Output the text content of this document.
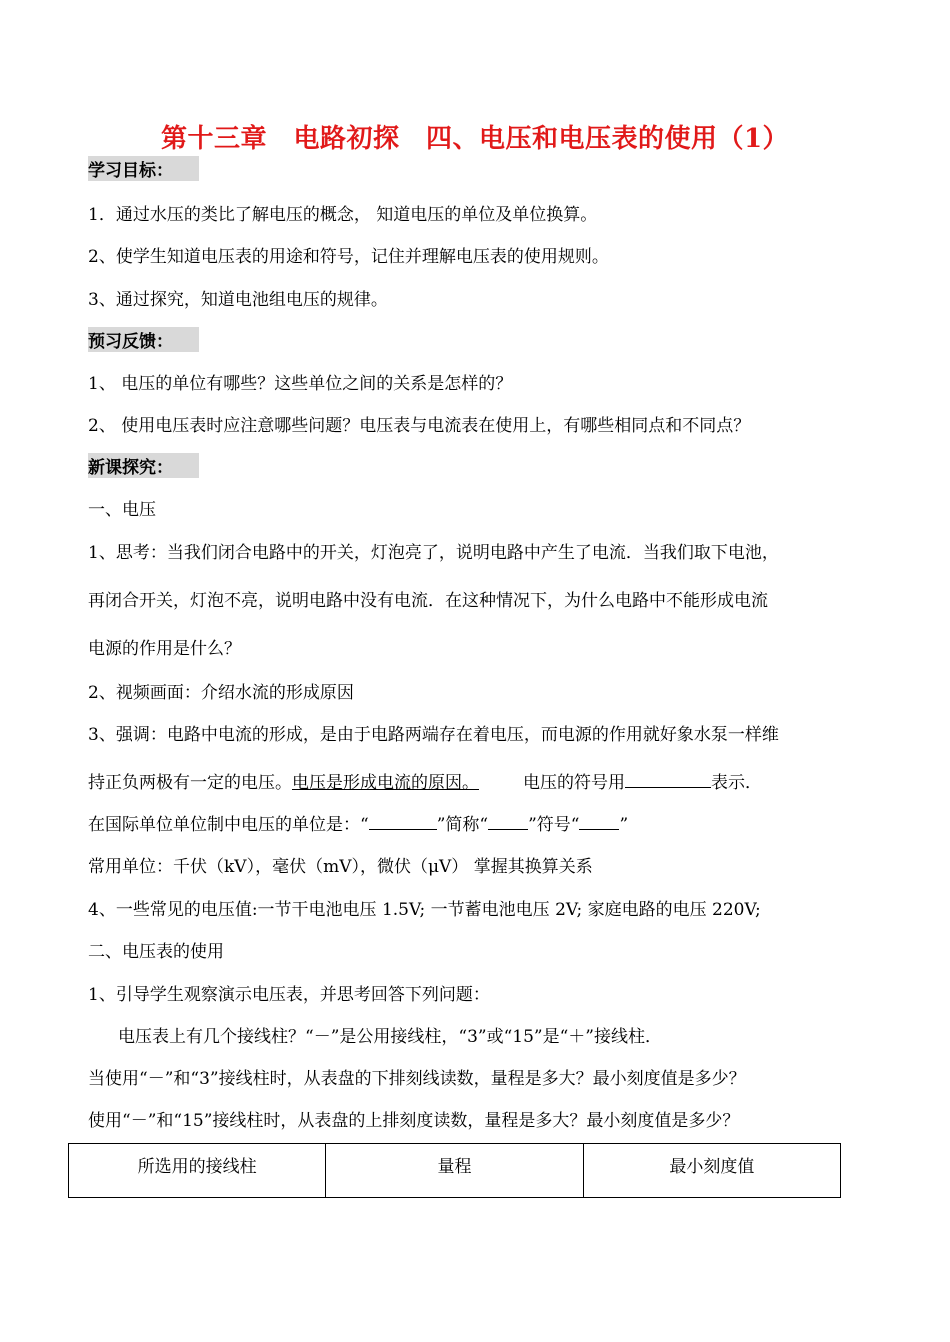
第十三章　电路初探　四、电压和电压表的使用（1）
学习目标：
1．通过水压的类比了解电压的概念， 知道电压的单位及单位换算。
2、使学生知道电压表的用途和符号，记住并理解电压表的使用规则。
3、通过探究，知道电池组电压的规律。
预习反馈：
1、 电压的单位有哪些？这些单位之间的关系是怎样的？
2、 使用电压表时应注意哪些问题？电压表与电流表在使用上，有哪些相同点和不同点？
新课探究：
一、电压
1、思考：当我们闭合电路中的开关，灯泡亮了，说明电路中产生了电流．当我们取下电池，
再闭合开关，灯泡不亮，说明电路中没有电流．在这种情况下，为什么电路中不能形成电流
电源的作用是什么？
2、视频画面：介绍水流的形成原因
3、强调：电路中电流的形成，是由于电路两端存在着电压，而电源的作用就好象水泵一样维
持正负两极有一定的电压。电压是形成电流的原因。	电压的符号用	表示．
在国际单位单位制中电压的单位是：“	”简称“ ”符号“ ”
常用单位：千伏（kV），毫伏（mV），微伏（μV） 掌握其换算关系
4、一些常见的电压值:一节干电池电压 1.5V; 一节蓄电池电压 2V; 家庭电路的电压 220V;
二、电压表的使用
1、引导学生观察演示电压表，并思考回答下列问题：
电压表上有几个接线柱？“－”是公用接线柱，“3”或“15”是“＋”接线柱．
当使用“－”和“3”接线柱时，从表盘的下排刻线读数，量程是多大？最小刻度值是多少？
使用“－”和“15”接线柱时，从表盘的上排刻度读数，量程是多大？最小刻度值是多少？
所选用的接线柱	量程	最小刻度值
